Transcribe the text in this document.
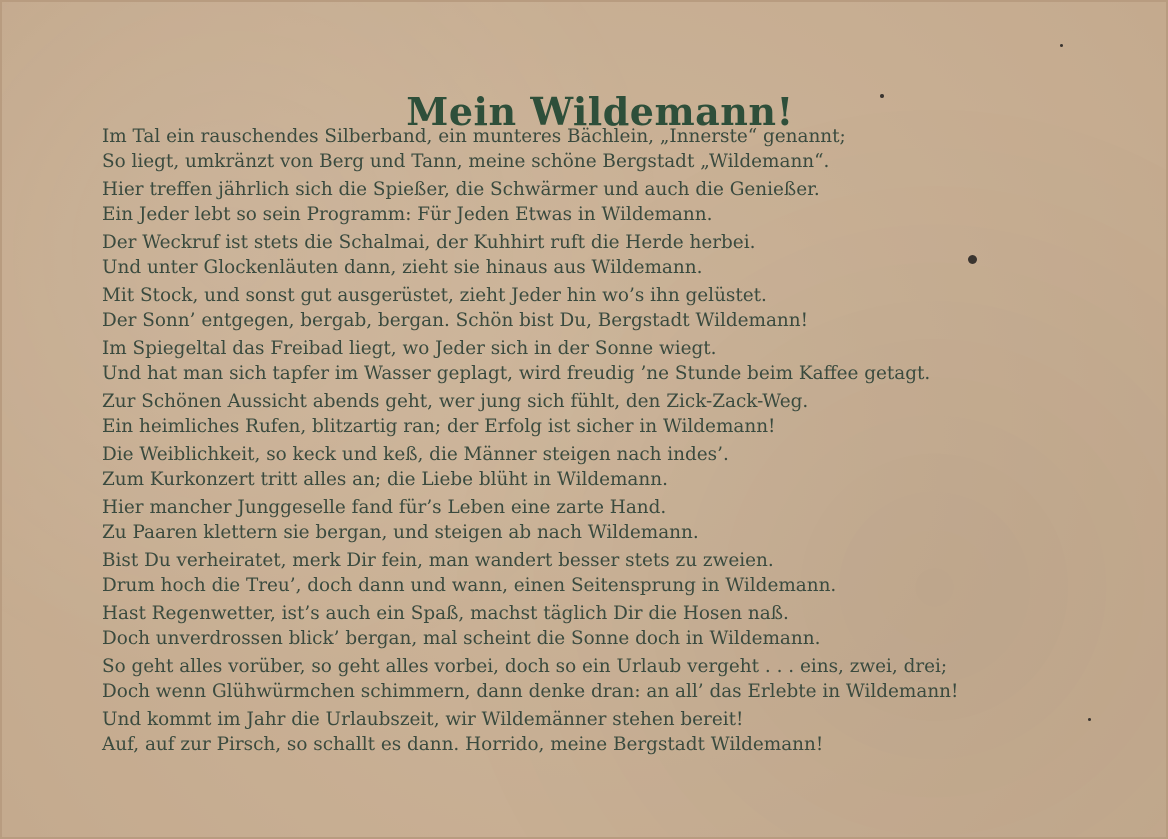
Mein Wildemann!
Im Tal ein rauschendes Silberband, ein munteres Bächlein, „Innerste“ genannt;
So liegt, umkränzt von Berg und Tann, meine schöne Bergstadt „Wildemann“.
Hier treffen jährlich sich die Spießer, die Schwärmer und auch die Genießer.
Ein Jeder lebt so sein Programm: Für Jeden Etwas in Wildemann.
Der Weckruf ist stets die Schalmai, der Kuhhirt ruft die Herde herbei.
Und unter Glockenläuten dann, zieht sie hinaus aus Wildemann.
Mit Stock, und sonst gut ausgerüstet, zieht Jeder hin wo’s ihn gelüstet.
Der Sonn’ entgegen, bergab, bergan. Schön bist Du, Bergstadt Wildemann!
Im Spiegeltal das Freibad liegt, wo Jeder sich in der Sonne wiegt.
Und hat man sich tapfer im Wasser geplagt, wird freudig ’ne Stunde beim Kaffee getagt.
Zur Schönen Aussicht abends geht, wer jung sich fühlt, den Zick-Zack-Weg.
Ein heimliches Rufen, blitzartig ran; der Erfolg ist sicher in Wildemann!
Die Weiblichkeit, so keck und keß, die Männer steigen nach indes’.
Zum Kurkonzert tritt alles an; die Liebe blüht in Wildemann.
Hier mancher Junggeselle fand für’s Leben eine zarte Hand.
Zu Paaren klettern sie bergan, und steigen ab nach Wildemann.
Bist Du verheiratet, merk Dir fein, man wandert besser stets zu zweien.
Drum hoch die Treu’, doch dann und wann, einen Seitensprung in Wildemann.
Hast Regenwetter, ist’s auch ein Spaß, machst täglich Dir die Hosen naß.
Doch unverdrossen blick’ bergan, mal scheint die Sonne doch in Wildemann.
So geht alles vorüber, so geht alles vorbei, doch so ein Urlaub vergeht . . . eins, zwei, drei;
Doch wenn Glühwürmchen schimmern, dann denke dran: an all’ das Erlebte in Wildemann!
Und kommt im Jahr die Urlaubszeit, wir Wildemänner stehen bereit!
Auf, auf zur Pirsch, so schallt es dann. Horrido, meine Bergstadt Wildemann!
